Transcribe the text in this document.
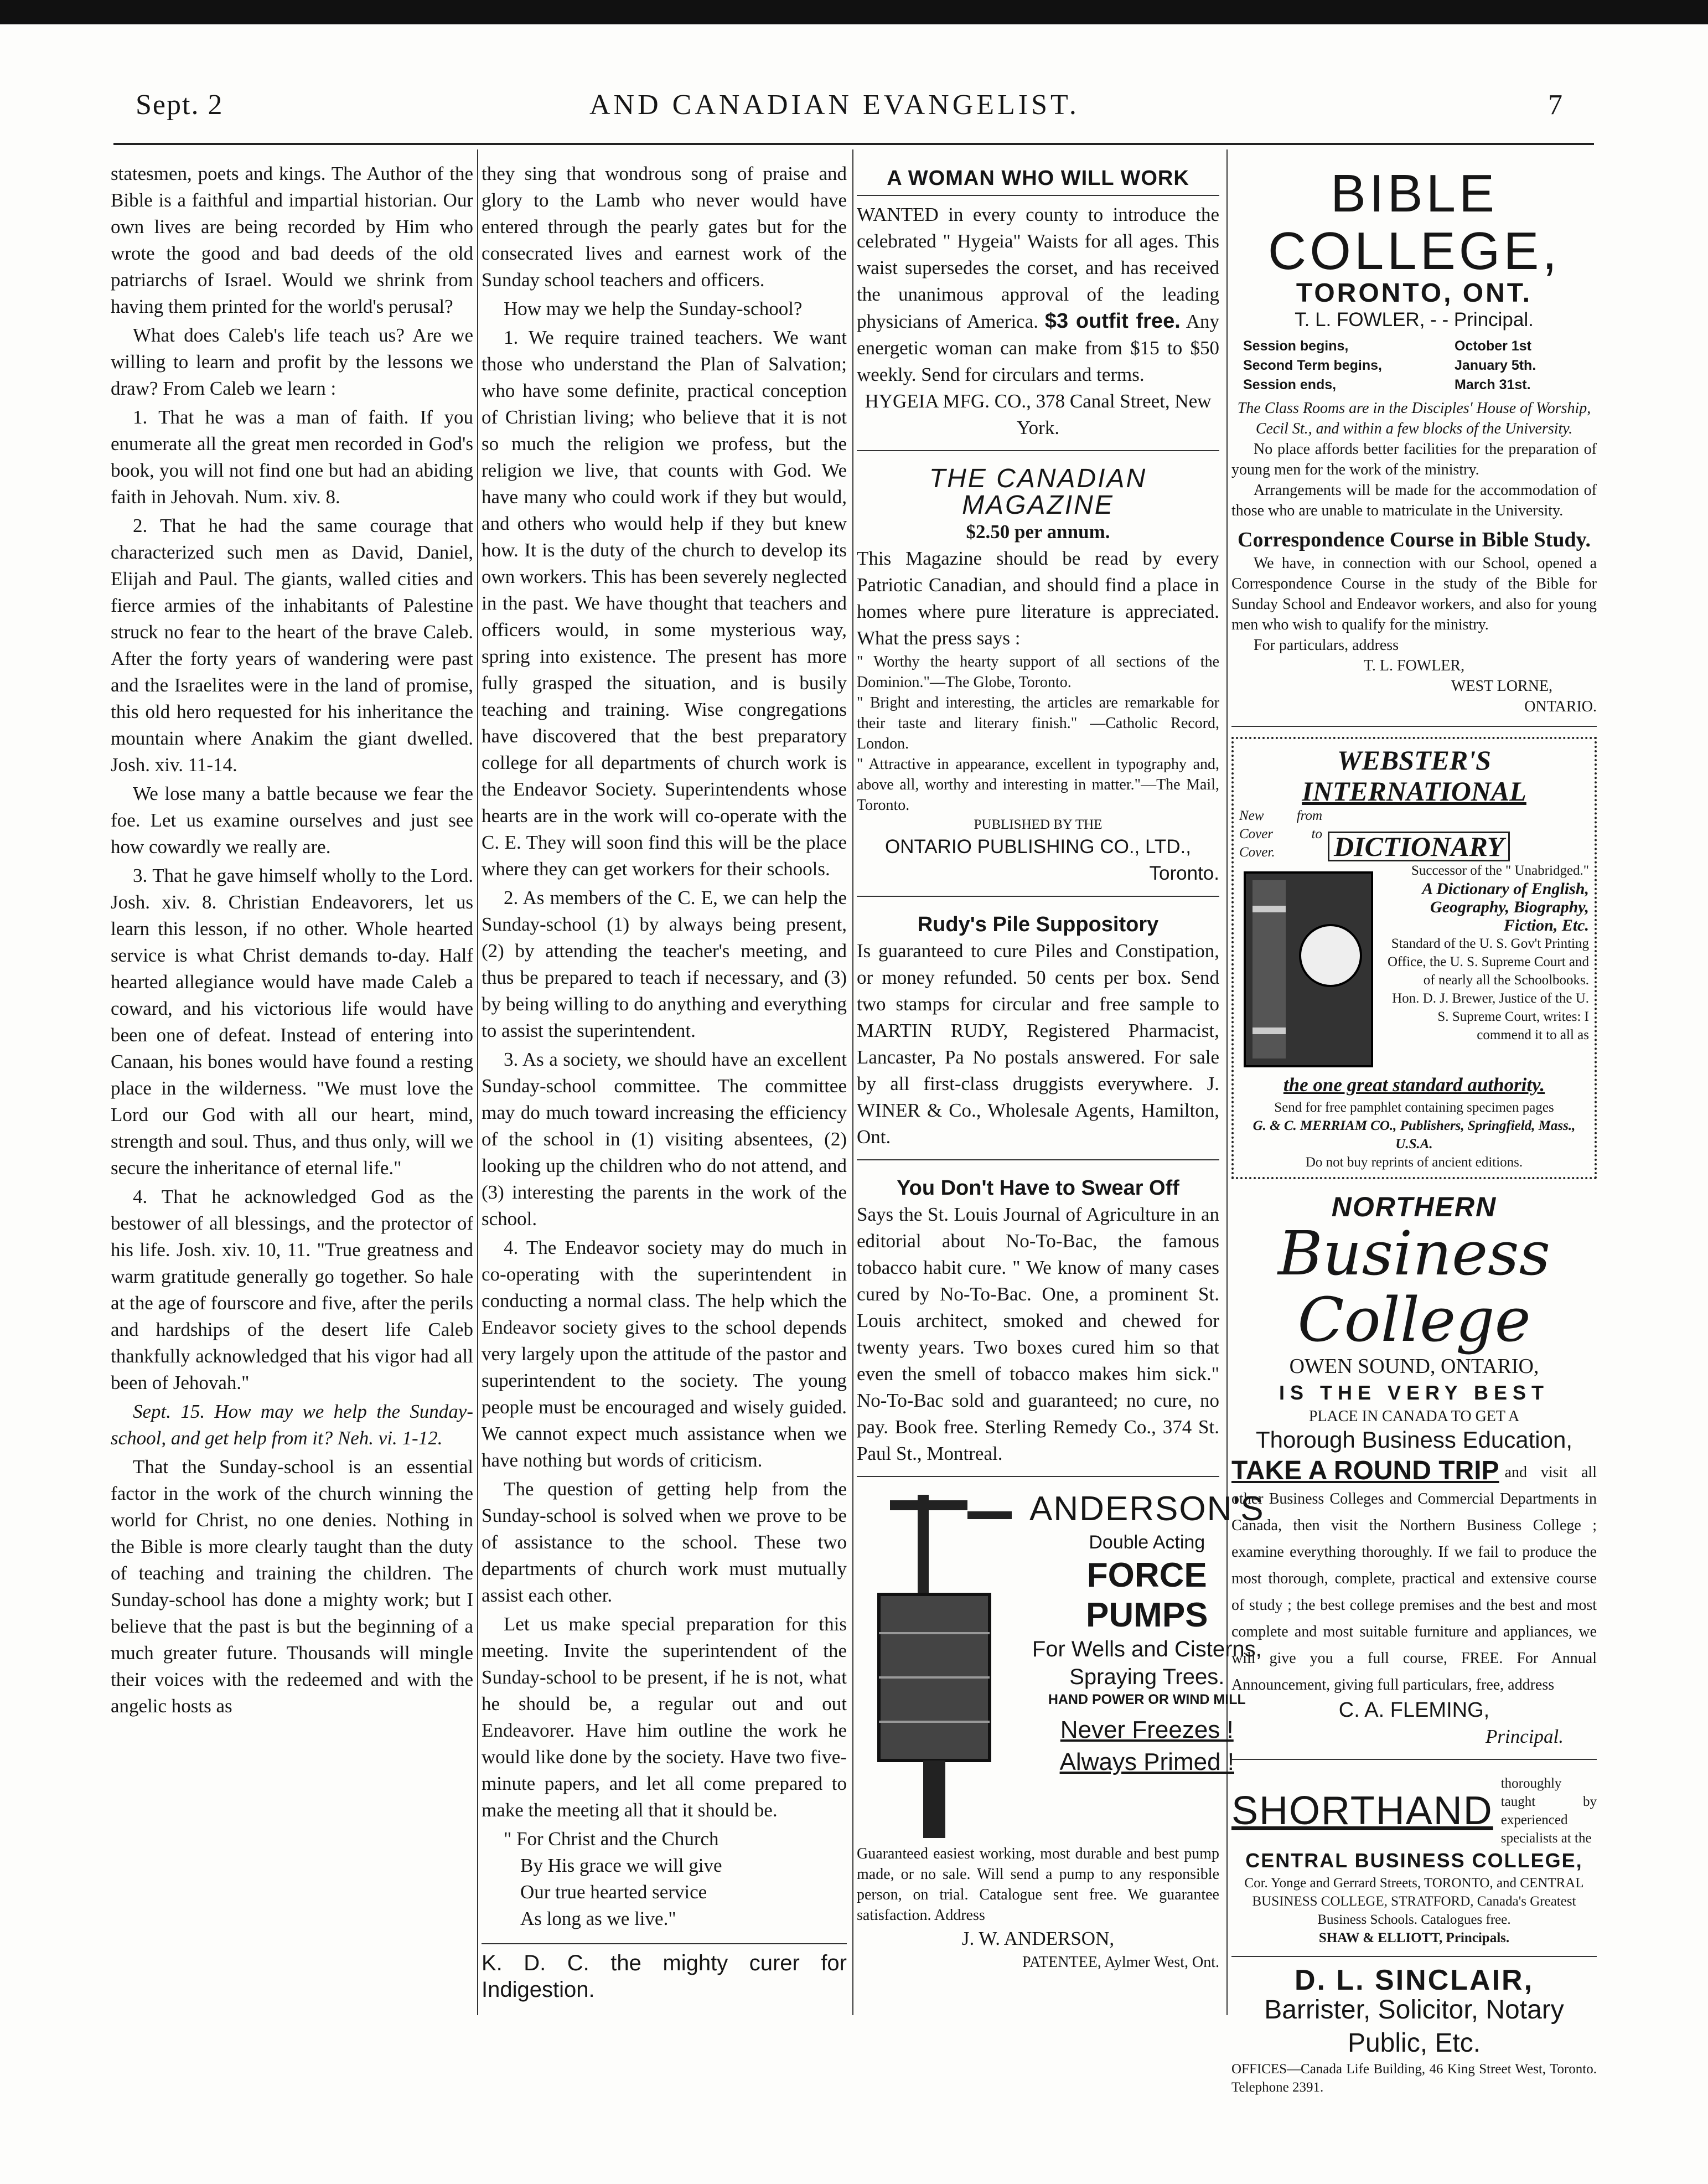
Sept. 2	AND CANADIAN EVANGELIST.	7

statesmen, poets and kings. The Author of the Bible is a faithful and impartial historian. Our own lives are being recorded by Him who wrote the good and bad deeds of the old patriarchs of Israel. Would we shrink from having them printed for the world's perusal?

What does Caleb's life teach us? Are we willing to learn and profit by the lessons we draw? From Caleb we learn :

1. That he was a man of faith. If you enumerate all the great men recorded in God's book, you will not find one but had an abiding faith in Jehovah. Num. xiv. 8.

2. That he had the same courage that characterized such men as David, Daniel, Elijah and Paul. The giants, walled cities and fierce armies of the inhabitants of Palestine struck no fear to the heart of the brave Caleb. After the forty years of wandering were past and the Israelites were in the land of promise, this old hero requested for his inheritance the mountain where Anakim the giant dwelled. Josh. xiv. 11-14.

We lose many a battle because we fear the foe. Let us examine ourselves and just see how cowardly we really are.

3. That he gave himself wholly to the Lord. Josh. xiv. 8. Christian Endeavorers, let us learn this lesson, if no other. Whole hearted service is what Christ demands to-day. Half hearted allegiance would have made Caleb a coward, and his victorious life would have been one of defeat. Instead of entering into Canaan, his bones would have found a resting place in the wilderness. "We must love the Lord our God with all our heart, mind, strength and soul. Thus, and thus only, will we secure the inheritance of eternal life."

4. That he acknowledged God as the bestower of all blessings, and the protector of his life. Josh. xiv. 10, 11. "True greatness and warm gratitude generally go together. So hale at the age of fourscore and five, after the perils and hardships of the desert life Caleb thankfully acknowledged that his vigor had all been of Jehovah."

Sept. 15. How may we help the Sunday-school, and get help from it? Neh. vi. 1-12.

That the Sunday-school is an essential factor in the work of the church winning the world for Christ, no one denies. Nothing in the Bible is more clearly taught than the duty of teaching and training the children. The Sunday-school has done a mighty work; but I believe that the past is but the beginning of a much greater future. Thousands will mingle their voices with the redeemed and with the angelic hosts as

they sing that wondrous song of praise and glory to the Lamb who never would have entered through the pearly gates but for the consecrated lives and earnest work of the Sunday school teachers and officers.

How may we help the Sunday-school?

1. We require trained teachers. We want those who understand the Plan of Salvation; who have some definite, practical conception of Christian living; who believe that it is not so much the religion we profess, but the religion we live, that counts with God. We have many who could work if they but would, and others who would help if they but knew how. It is the duty of the church to develop its own workers. This has been severely neglected in the past. We have thought that teachers and officers would, in some mysterious way, spring into existence. The present has more fully grasped the situation, and is busily teaching and training. Wise congregations have discovered that the best preparatory college for all departments of church work is the Endeavor Society. Superintendents whose hearts are in the work will co-operate with the C. E. They will soon find this will be the place where they can get workers for their schools.

2. As members of the C. E, we can help the Sunday-school (1) by always being present, (2) by attending the teacher's meeting, and thus be prepared to teach if necessary, and (3) by being willing to do anything and everything to assist the superintendent.

3. As a society, we should have an excellent Sunday-school committee. The committee may do much toward increasing the efficiency of the school in (1) visiting absentees, (2) looking up the children who do not attend, and (3) interesting the parents in the work of the school.

4. The Endeavor society may do much in co-operating with the superintendent in conducting a normal class. The help which the Endeavor society gives to the school depends very largely upon the attitude of the pastor and superintendent to the society. The young people must be encouraged and wisely guided. We cannot expect much assistance when we have nothing but words of criticism.

The question of getting help from the Sunday-school is solved when we prove to be of assistance to the school. These two departments of church work must mutually assist each other.

Let us make special preparation for this meeting. Invite the superintendent of the Sunday-school to be present, if he is not, what he should be, a regular out and out Endeavorer. Have him outline the work he would like done by the society. Have two five-minute papers, and let all come prepared to make the meeting all that it should be.

" For Christ and the Church
By His grace we will give
Our true hearted service
As long as we live."
K. D. C. the mighty curer for Indigestion.
A WOMAN WHO WILL WORK
WANTED in every county to introduce the celebrated " Hygeia" Waists for all ages. This waist supersedes the corset, and has received the unanimous approval of the leading physicians of America. $3 outfit free. Any energetic woman can make from $15 to $50 weekly. Send for circulars and terms.
HYGEIA MFG. CO., 378 Canal Street, New York.
THE CANADIAN MAGAZINE
$2.50 per annum.
This Magazine should be read by every Patriotic Canadian, and should find a place in homes where pure literature is appreciated. What the press says :
" Worthy the hearty support of all sections of the Dominion."—The Globe, Toronto.
" Bright and interesting, the articles are remarkable for their taste and literary finish." —Catholic Record, London.
" Attractive in appearance, excellent in typography and, above all, worthy and interesting in matter."—The Mail, Toronto.
PUBLISHED BY THE
ONTARIO PUBLISHING CO., LTD.,
Toronto.
Rudy's Pile Suppository
Is guaranteed to cure Piles and Constipation, or money refunded. 50 cents per box. Send two stamps for circular and free sample to MARTIN RUDY, Registered Pharmacist, Lancaster, Pa No postals answered. For sale by all first-class druggists everywhere. J. WINER & Co., Wholesale Agents, Hamilton, Ont.
You Don't Have to Swear Off
Says the St. Louis Journal of Agriculture in an editorial about No-To-Bac, the famous tobacco habit cure. " We know of many cases cured by No-To-Bac. One, a prominent St. Louis architect, smoked and chewed for twenty years. Two boxes cured him so that even the smell of tobacco makes him sick." No-To-Bac sold and guaranteed; no cure, no pay. Book free. Sterling Remedy Co., 374 St. Paul St., Montreal.
ANDERSON'S
Double Acting
FORCE PUMPS
For Wells and Cisterns, Spraying Trees.
HAND POWER OR WIND MILL
Never Freezes !
Always Primed !
Guaranteed easiest working, most durable and best pump made, or no sale. Will send a pump to any responsible person, on trial. Catalogue sent free. We guarantee satisfaction. Address
J. W. ANDERSON,
PATENTEE, Aylmer West, Ont.
BIBLE COLLEGE,
TORONTO, ONT.
T. L. FOWLER, - - Principal.
Session begins,	October 1st
Second Term begins,	January 5th.
Session ends,	March 31st.
The Class Rooms are in the Disciples' House of Worship, Cecil St., and within a few blocks of the University.
No place affords better facilities for the preparation of young men for the work of the ministry.
Arrangements will be made for the accommodation of those who are unable to matriculate in the University.
Correspondence Course in Bible Study.
We have, in connection with our School, opened a Correspondence Course in the study of the Bible for Sunday School and Endeavor workers, and also for young men who wish to qualify for the ministry.
For particulars, address
T. L. FOWLER,
WEST LORNE,
ONTARIO.
WEBSTER'S
INTERNATIONAL
New from Cover to Cover.	DICTIONARY
Successor of the " Unabridged."
A Dictionary of English, Geography, Biography, Fiction, Etc.
Standard of the U. S. Gov't Printing Office, the U. S. Supreme Court and of nearly all the Schoolbooks.
Hon. D. J. Brewer, Justice of the U. S. Supreme Court, writes: I commend it to all as
the one great standard authority.
Send for free pamphlet containing specimen pages
G. & C. MERRIAM CO., Publishers, Springfield, Mass., U.S.A.
Do not buy reprints of ancient editions.
NORTHERN
Business College
OWEN SOUND, ONTARIO,
IS THE VERY BEST
PLACE IN CANADA TO GET A
Thorough Business Education,
TAKE A ROUND TRIP and visit all other Business Colleges and Commercial Departments in Canada, then visit the Northern Business College ; examine everything thoroughly. If we fail to produce the most thorough, complete, practical and extensive course of study ; the best college premises and the best and most complete and most suitable furniture and appliances, we will give you a full course, FREE. For Annual Announcement, giving full particulars, free, address
C. A. FLEMING,
Principal.
SHORTHAND
thoroughly taught by experienced specialists at the
CENTRAL BUSINESS COLLEGE,
Cor. Yonge and Gerrard Streets, TORONTO, and CENTRAL BUSINESS COLLEGE, STRATFORD, Canada's Greatest Business Schools. Catalogues free.
SHAW & ELLIOTT, Principals.
D. L. SINCLAIR,
Barrister, Solicitor, Notary Public, Etc.
OFFICES—Canada Life Building, 46 King Street West, Toronto. Telephone 2391.
